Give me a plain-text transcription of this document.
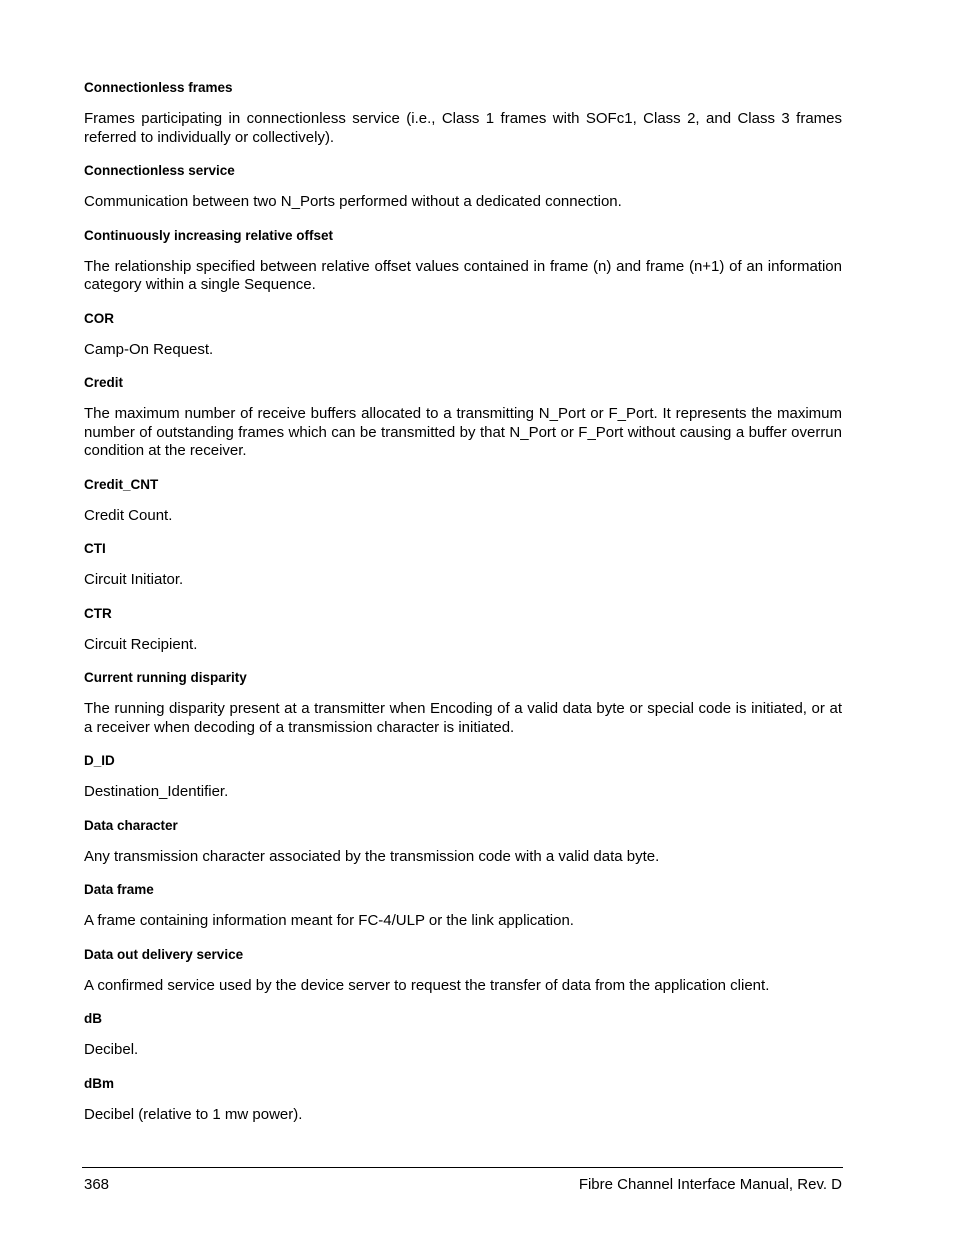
Connectionless frames

Frames participating in connectionless service (i.e., Class 1 frames with SOFc1, Class 2, and Class 3 frames referred to individually or collectively).

Connectionless service

Communication between two N_Ports performed without a dedicated connection.

Continuously increasing relative offset

The relationship specified between relative offset values contained in frame (n) and frame (n+1) of an information category within a single Sequence.

COR

Camp-On Request.

Credit

The maximum number of receive buffers allocated to a transmitting N_Port or F_Port. It represents the maximum number of outstanding frames which can be transmitted by that N_Port or F_Port without causing a buffer overrun condition at the receiver.

Credit_CNT

Credit Count.

CTI

Circuit Initiator.

CTR

Circuit Recipient.

Current running disparity

The running disparity present at a transmitter when Encoding of a valid data byte or special code is initiated, or at a receiver when decoding of a transmission character is initiated.

D_ID

Destination_Identifier.

Data character

Any transmission character associated by the transmission code with a valid data byte.

Data frame

A frame containing information meant for FC-4/ULP or the link application.

Data out delivery service

A confirmed service used by the device server to request the transfer of data from the application client.

dB

Decibel.

dBm

Decibel (relative to 1 mw power).

368	Fibre Channel Interface Manual, Rev. D
